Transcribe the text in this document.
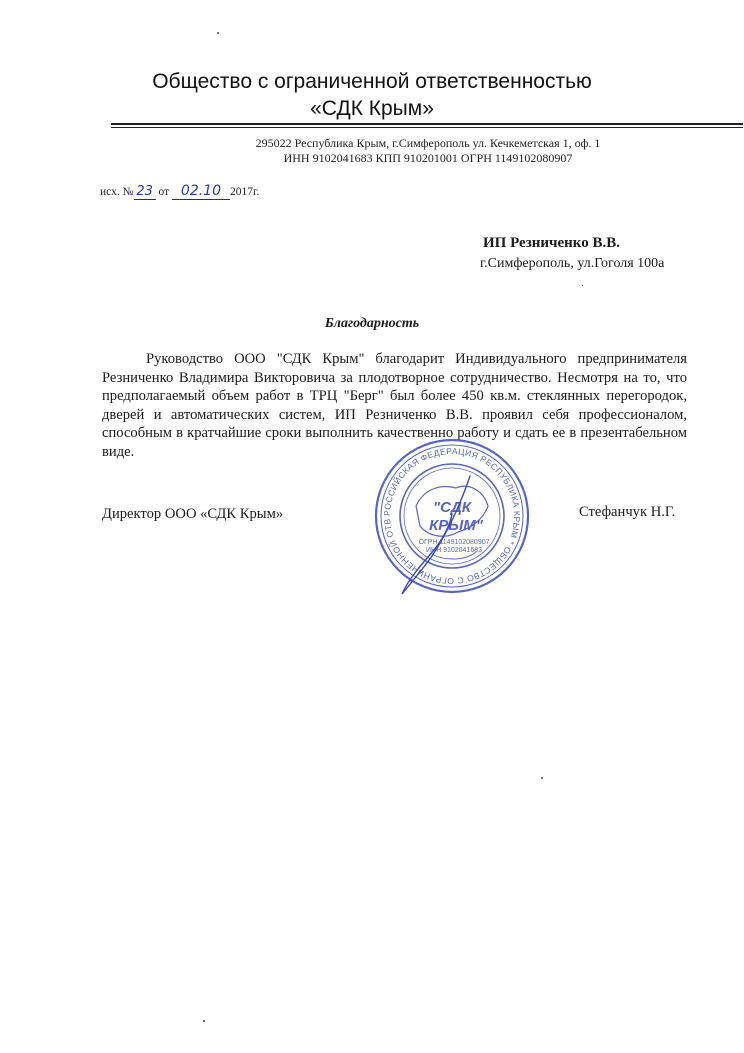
Общество с ограниченной ответственностью
«СДК Крым»
295022 Республика Крым, г.Симферополь ул. Кечкеметская 1, оф. 1
ИНН 9102041683 КПП 910201001 ОГРН 1149102080907
исх. № 23 от 02.10 2017г.
ИП Резниченко В.В.
г.Симферополь, ул.Гоголя 100а
Благодарность
Руководство ООО "СДК Крым" благодарит Индивидуального предпринимателя Резниченко Владимира Викторовича за плодотворное сотрудничество. Несмотря на то, что предполагаемый объем работ в ТРЦ "Берг" был более 450 кв.м. стеклянных перегородок, дверей и автоматических систем, ИП Резниченко В.В. проявил себя профессионалом, способным в кратчайшие сроки выполнить качественно работу и сдать ее в презентабельном виде.
РОССИЙСКАЯ ФЕДЕРАЦИЯ РЕСПУБЛИКА КРЫМ * ОБЩЕСТВО С ОГРАНИЧЕННОЙ ОТВ
"СДК
КРЫМ"
ОГРН 1149102080907
ИНН 9102041683
Директор ООО «СДК Крым»	Стефанчук Н.Г.
